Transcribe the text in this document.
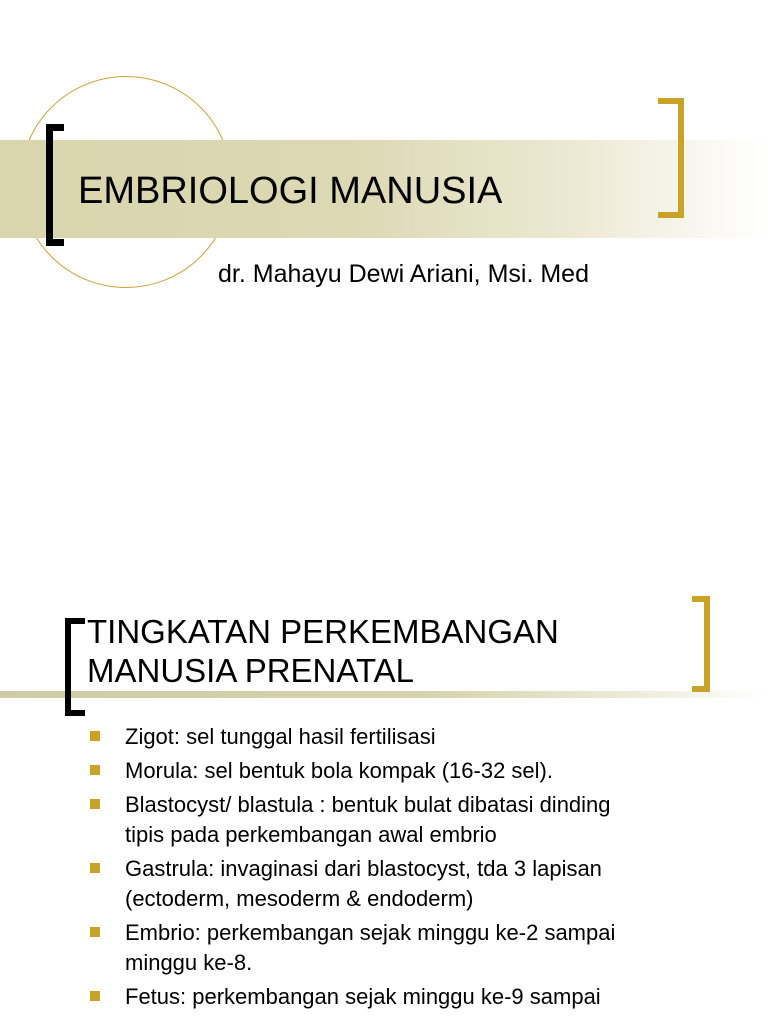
EMBRIOLOGI MANUSIA
dr. Mahayu Dewi Ariani, Msi. Med
TINGKATAN PERKEMBANGAN
MANUSIA PRENATAL
Zigot: sel tunggal hasil fertilisasi
Morula: sel bentuk bola kompak (16-32 sel).
Blastocyst/ blastula : bentuk bulat dibatasi dinding
tipis pada perkembangan awal embrio
Gastrula: invaginasi dari blastocyst, tda 3 lapisan
(ectoderm, mesoderm & endoderm)
Embrio: perkembangan sejak minggu ke-2 sampai
minggu ke-8.
Fetus: perkembangan sejak minggu ke-9 sampai
